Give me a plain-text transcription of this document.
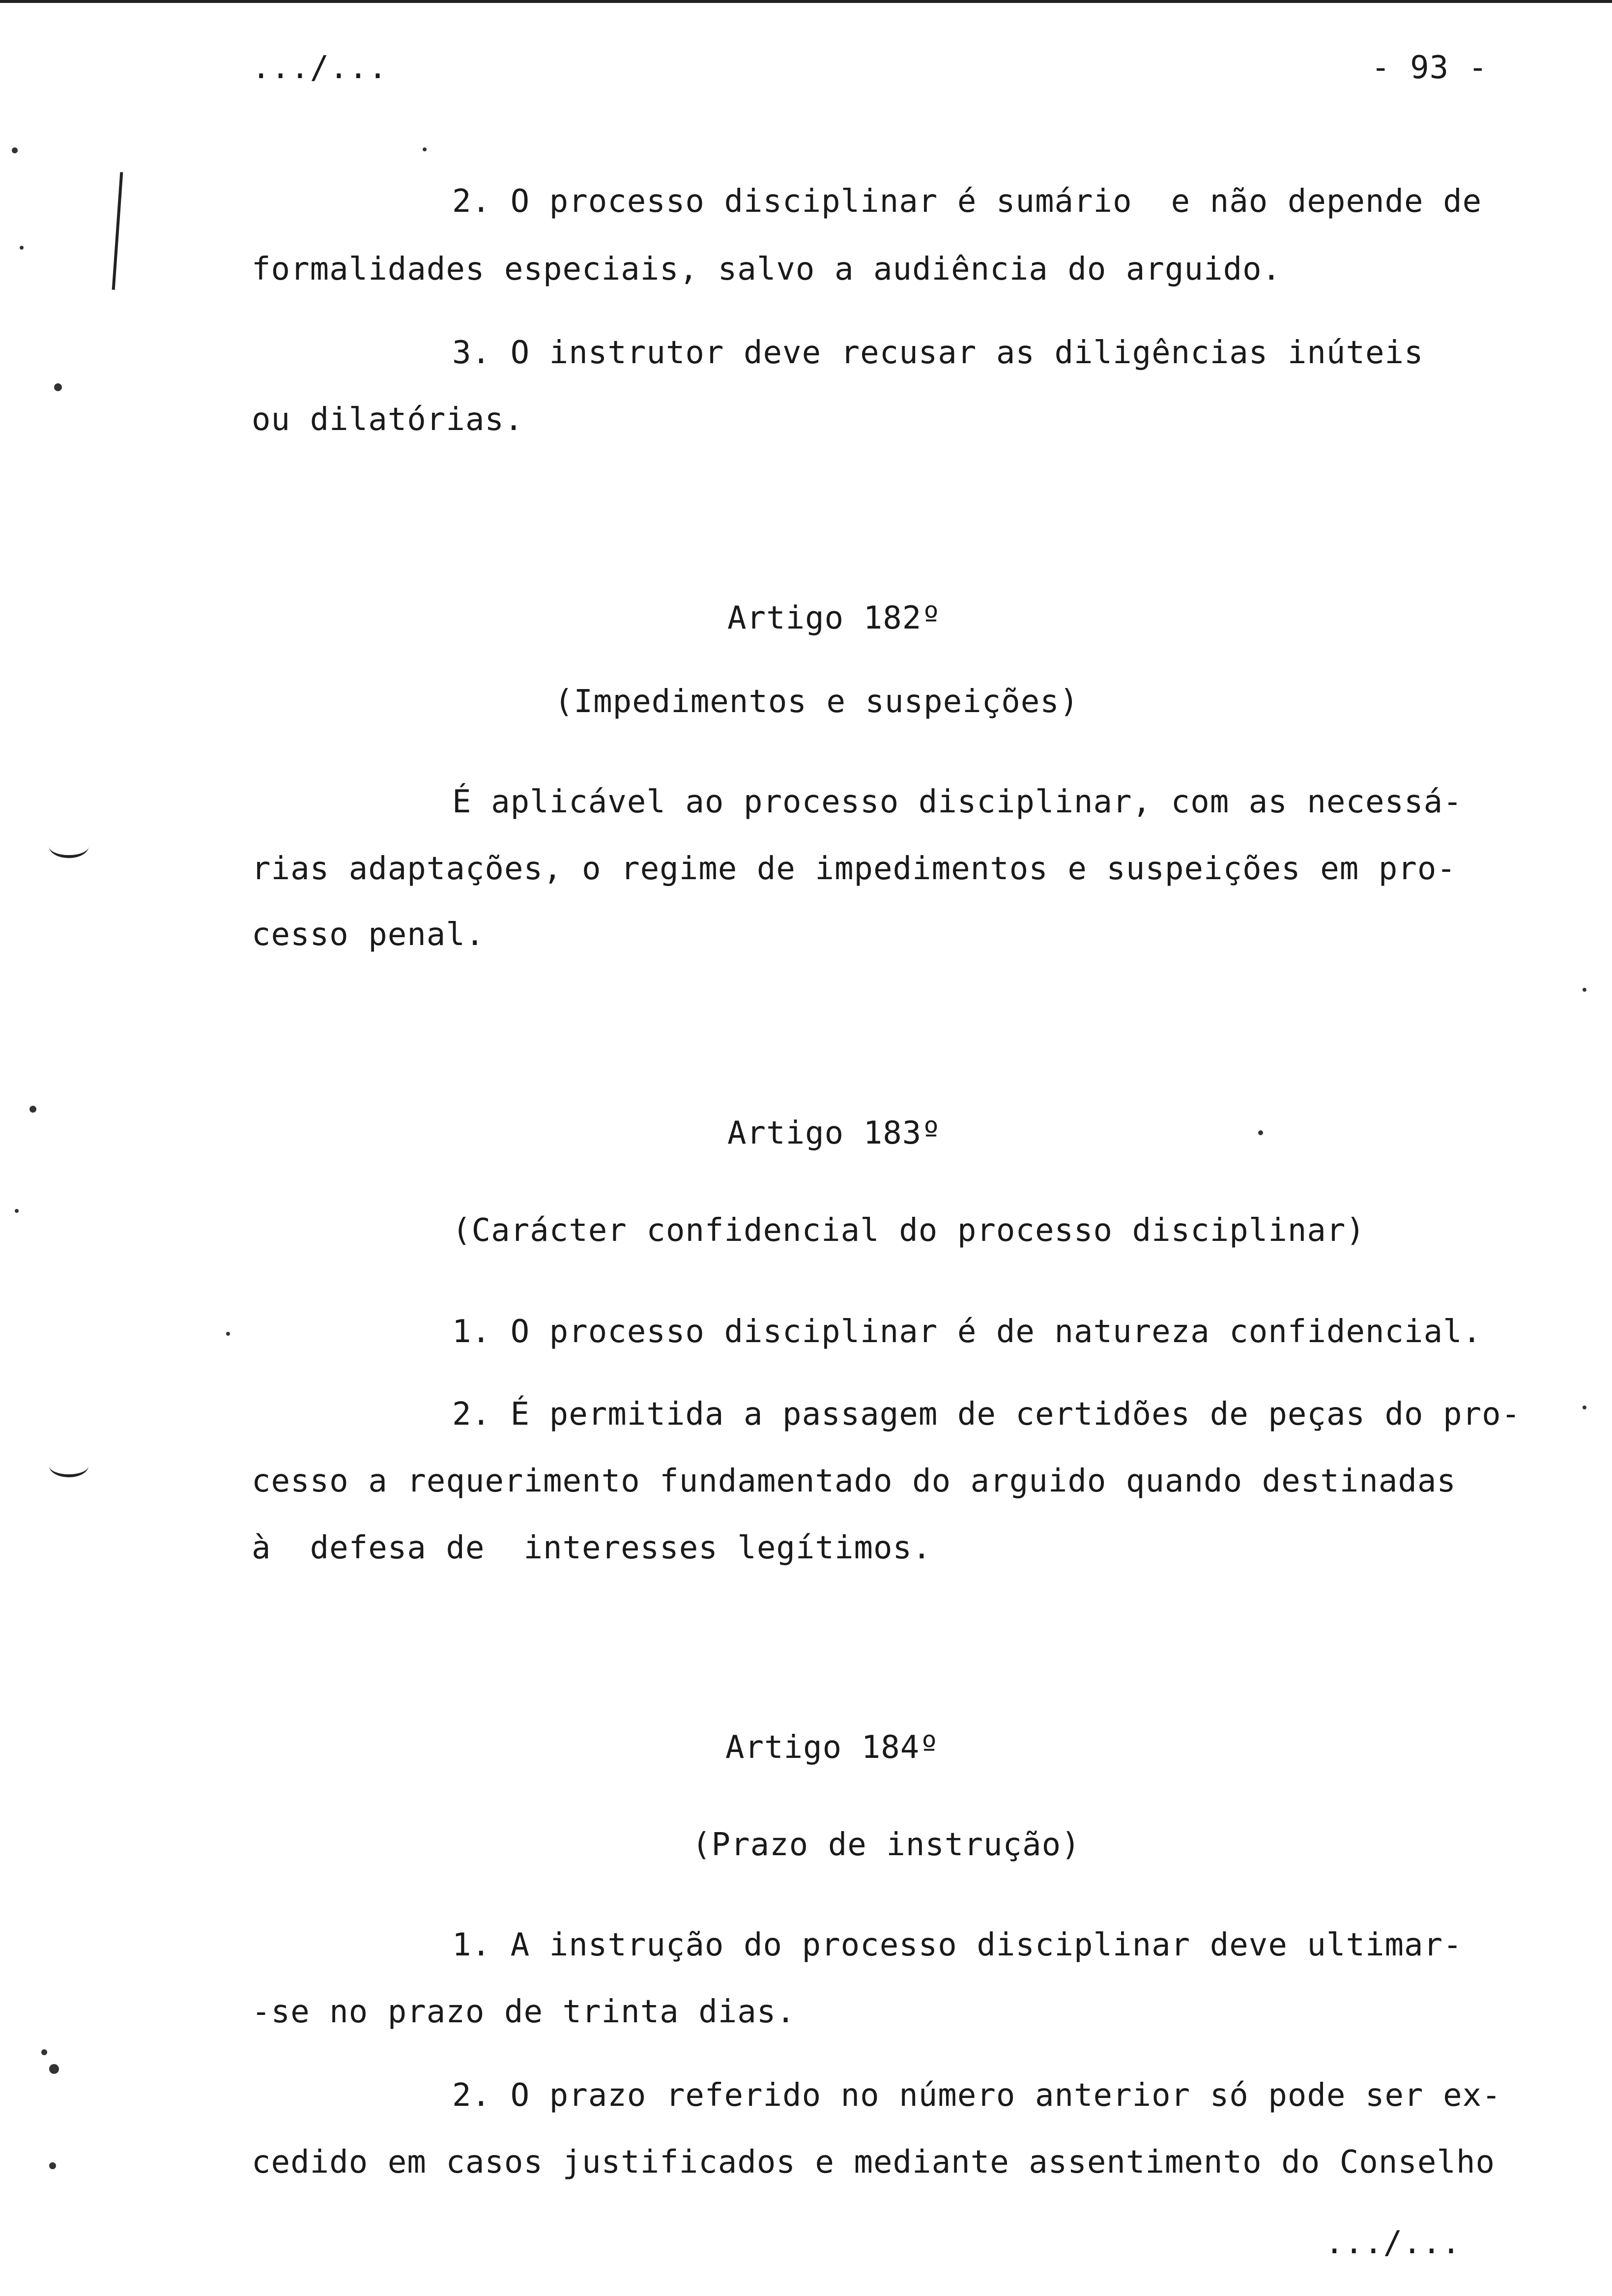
.../...	- 93 -
2. O processo disciplinar é sumário  e não depende de
formalidades especiais, salvo a audiência do arguido.
3. O instrutor deve recusar as diligências inúteis
ou dilatórias.
Artigo 182º
(Impedimentos e suspeições)
É aplicável ao processo disciplinar, com as necessá-
rias adaptações, o regime de impedimentos e suspeições em pro-
cesso penal.
Artigo 183º
(Carácter confidencial do processo disciplinar)
1. O processo disciplinar é de natureza confidencial.
2. É permitida a passagem de certidões de peças do pro-
cesso a requerimento fundamentado do arguido quando destinadas
à  defesa de  interesses legítimos.
Artigo 184º
(Prazo de instrução)
1. A instrução do processo disciplinar deve ultimar-
-se no prazo de trinta dias.
2. O prazo referido no número anterior só pode ser ex-
cedido em casos justificados e mediante assentimento do Conselho
.../...
